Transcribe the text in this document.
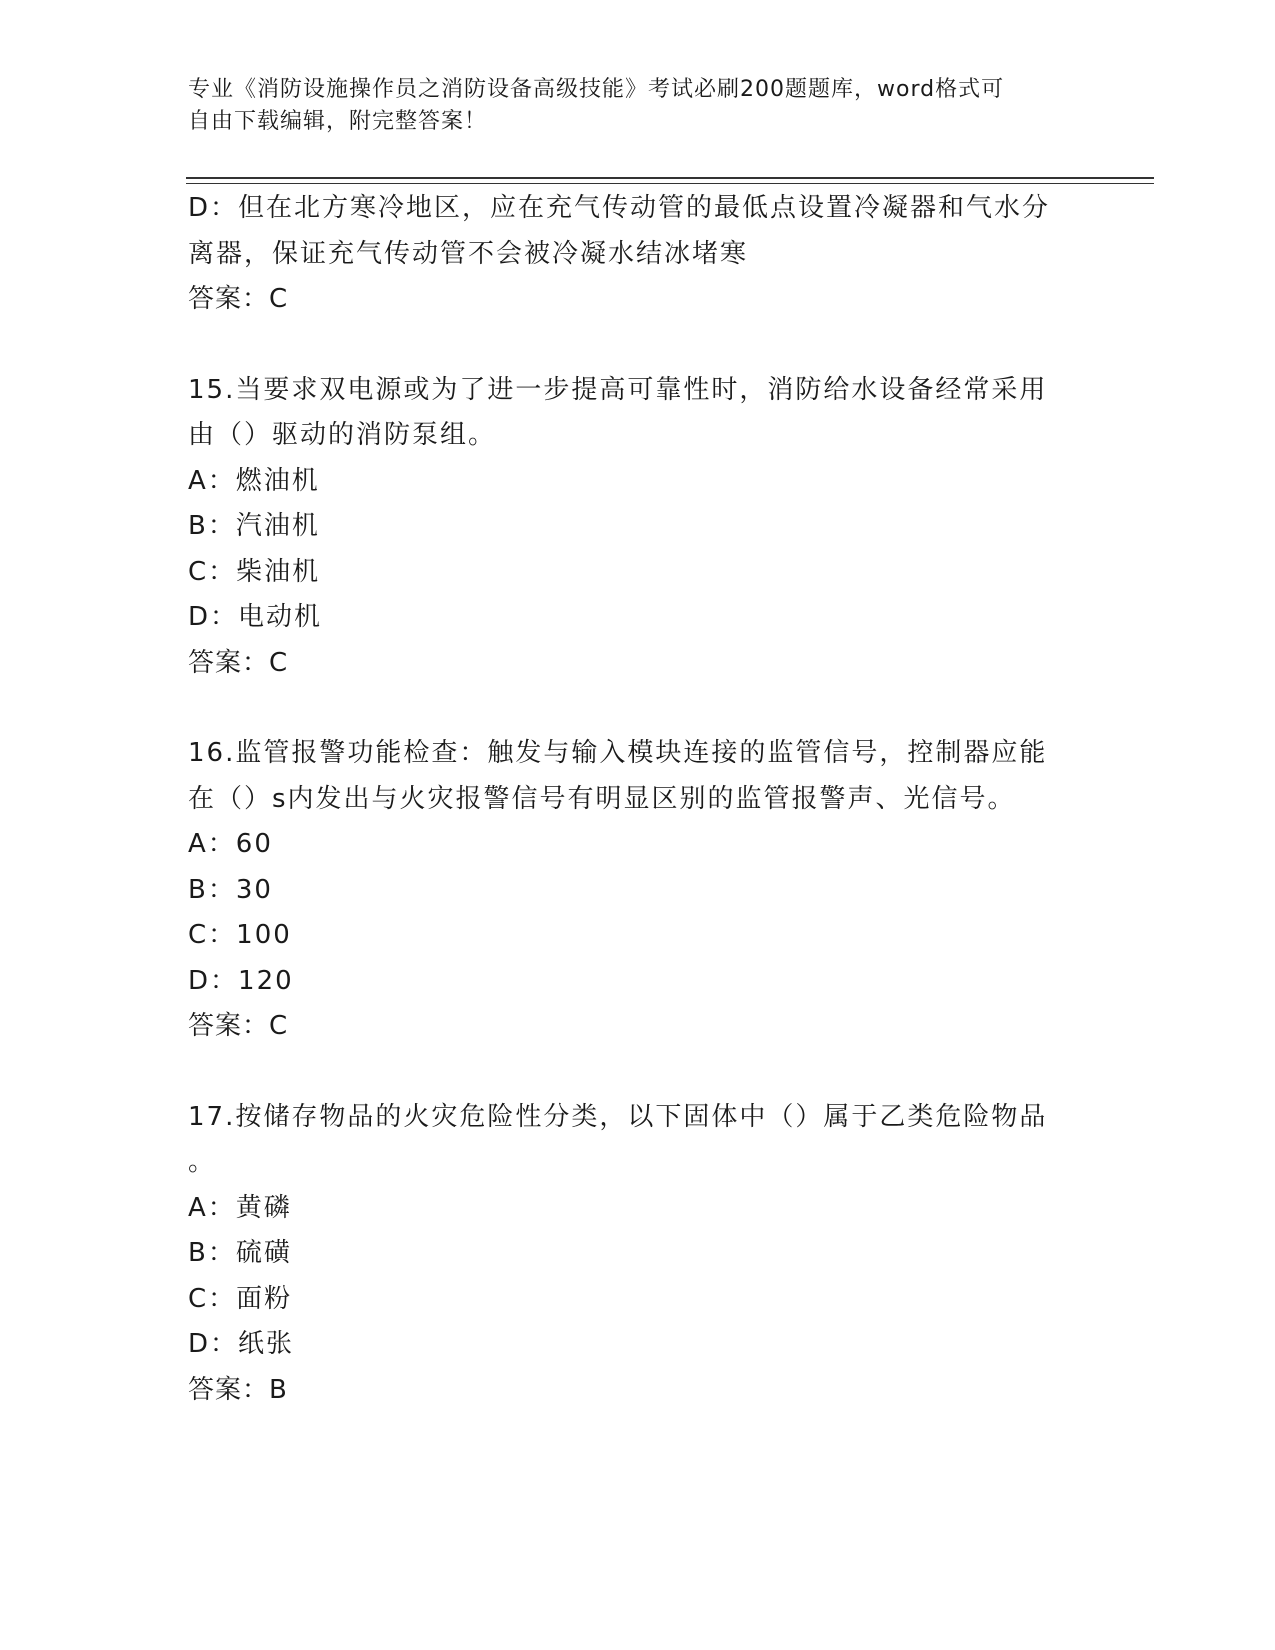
专业《消防设施操作员之消防设备高级技能》考试必刷200题题库，word格式可
自由下载编辑，附完整答案！
D：但在北方寒冷地区，应在充气传动管的最低点设置冷凝器和气水分
离器，保证充气传动管不会被冷凝水结冰堵寒
答案：C
15.当要求双电源或为了进一步提高可靠性时，消防给水设备经常采用
由（）驱动的消防泵组。
A：燃油机
B：汽油机
C：柴油机
D：电动机
答案：C
16.监管报警功能检查：触发与输入模块连接的监管信号，控制器应能
在（）s内发出与火灾报警信号有明显区别的监管报警声、光信号。
A：60
B：30
C：100
D：120
答案：C
17.按储存物品的火灾危险性分类，以下固体中（）属于乙类危险物品
。
A：黄磷
B：硫磺
C：面粉
D：纸张
答案：B
